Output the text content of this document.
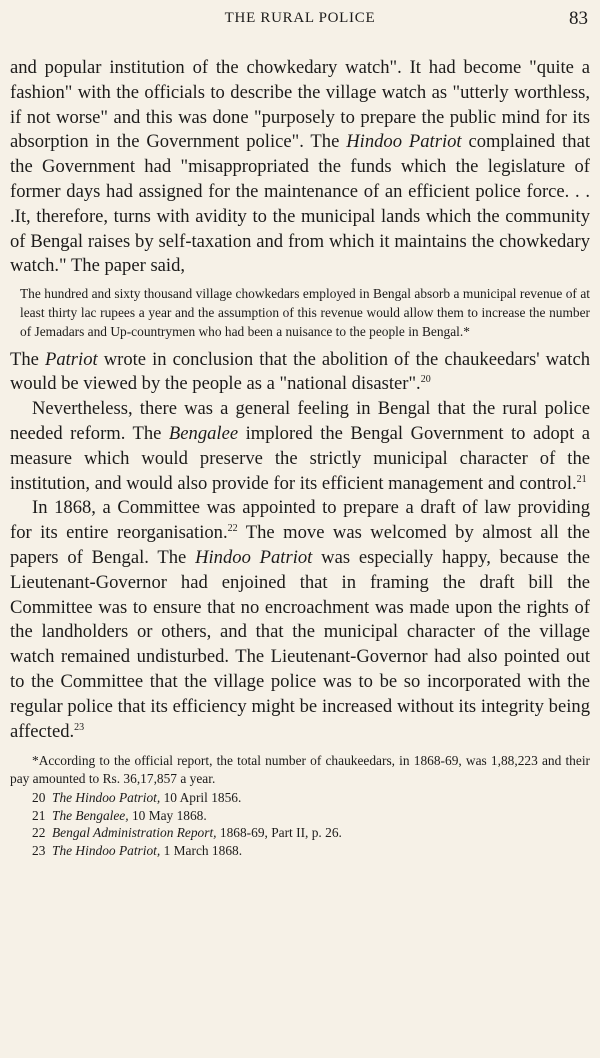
THE RURAL POLICE	83

and popular institution of the chowkedary watch". It had become "quite a fashion" with the officials to describe the village watch as "utterly worthless, if not worse" and this was done "purposely to prepare the public mind for its absorption in the Government police". The Hindoo Patriot complained that the Government had "misappropriated the funds which the legislature of former days had assigned for the maintenance of an efficient police force. . . .It, therefore, turns with avidity to the municipal lands which the community of Bengal raises by self-taxation and from which it maintains the chowkedary watch." The paper said,

The hundred and sixty thousand village chowkedars employed in Bengal absorb a municipal revenue of at least thirty lac rupees a year and the assumption of this revenue would allow them to increase the number of Jemadars and Up-countrymen who had been a nuisance to the people in Bengal.*

The Patriot wrote in conclusion that the abolition of the chaukeedars' watch would be viewed by the people as a "national disaster".$^{20}$

Nevertheless, there was a general feeling in Bengal that the rural police needed reform. The Bengalee implored the Bengal Government to adopt a measure which would preserve the strictly municipal character of the institution, and would also provide for its efficient management and control.$^{21}$

In 1868, a Committee was appointed to prepare a draft of law providing for its entire reorganisation.$^{22}$ The move was welcomed by almost all the papers of Bengal. The Hindoo Patriot was especially happy, because the Lieutenant-Governor had enjoined that in framing the draft bill the Committee was to ensure that no encroachment was made upon the rights of the landholders or others, and that the municipal character of the village watch remained undisturbed. The Lieutenant-Governor had also pointed out to the Committee that the village police was to be so incorporated with the regular police that its efficiency might be increased without its integrity being affected.$^{23}$

*According to the official report, the total number of chaukeedars, in 1868-69, was 1,88,223 and their pay amounted to Rs. 36,17,857 a year.

20 The Hindoo Patriot, 10 April 1856.
21 The Bengalee, 10 May 1868.
22 Bengal Administration Report, 1868-69, Part II, p. 26.
23 The Hindoo Patriot, 1 March 1868.
